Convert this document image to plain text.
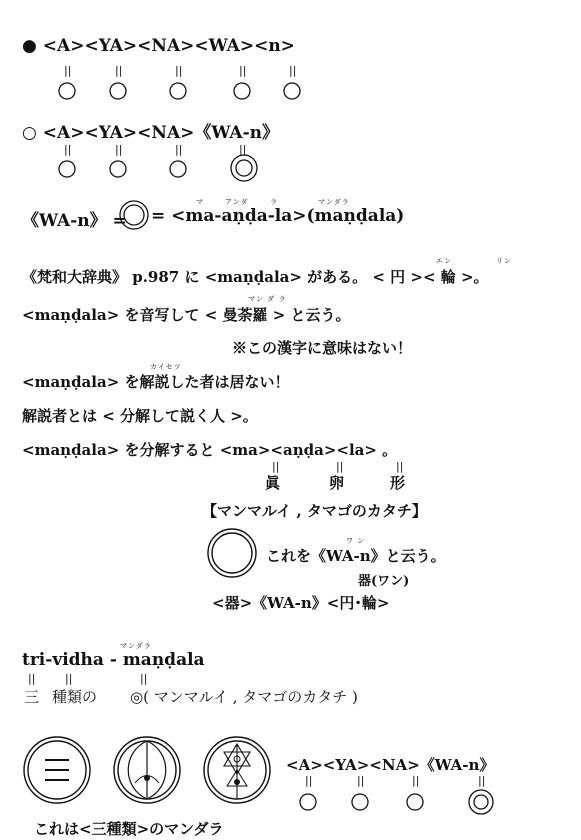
● <A><YA><NA><WA><n>
||	||	||	||	||
○ <A><YA><NA>《WA-n》
||	||	||	||
マ	アンダ	ラ	マンダラ
《WA-n》 = = <ma-aṇḍa-la>(maṇḍala)
エン	リン
《梵和大辞典》 p.987 に <maṇḍala> がある。 < 円 >< 輪 >。
マン ダ ラ
<maṇḍala> を音写して < 曼荼羅 > と云う。
※この漢字に意味はない！
カイセツ
<maṇḍala> を解説した者は居ない！
解説者とは < 分解して説く人 >。
<maṇḍala> を分解すると <ma><aṇḍa><la> 。
||	||	||
眞	卵	形
【マンマルイ , タマゴのカタチ】
ワ ン
これを《WA-n》と云う。
器(ワン)
<器>《WA-n》<円･輪>
マンダラ
tri-vidha - maṇḍala
||	||	||
三 種類の ◎( マンマルイ , タマゴのカタチ )
<A><YA><NA>《WA-n》
||	||	||	||
これは<三種類>のマンダラ
